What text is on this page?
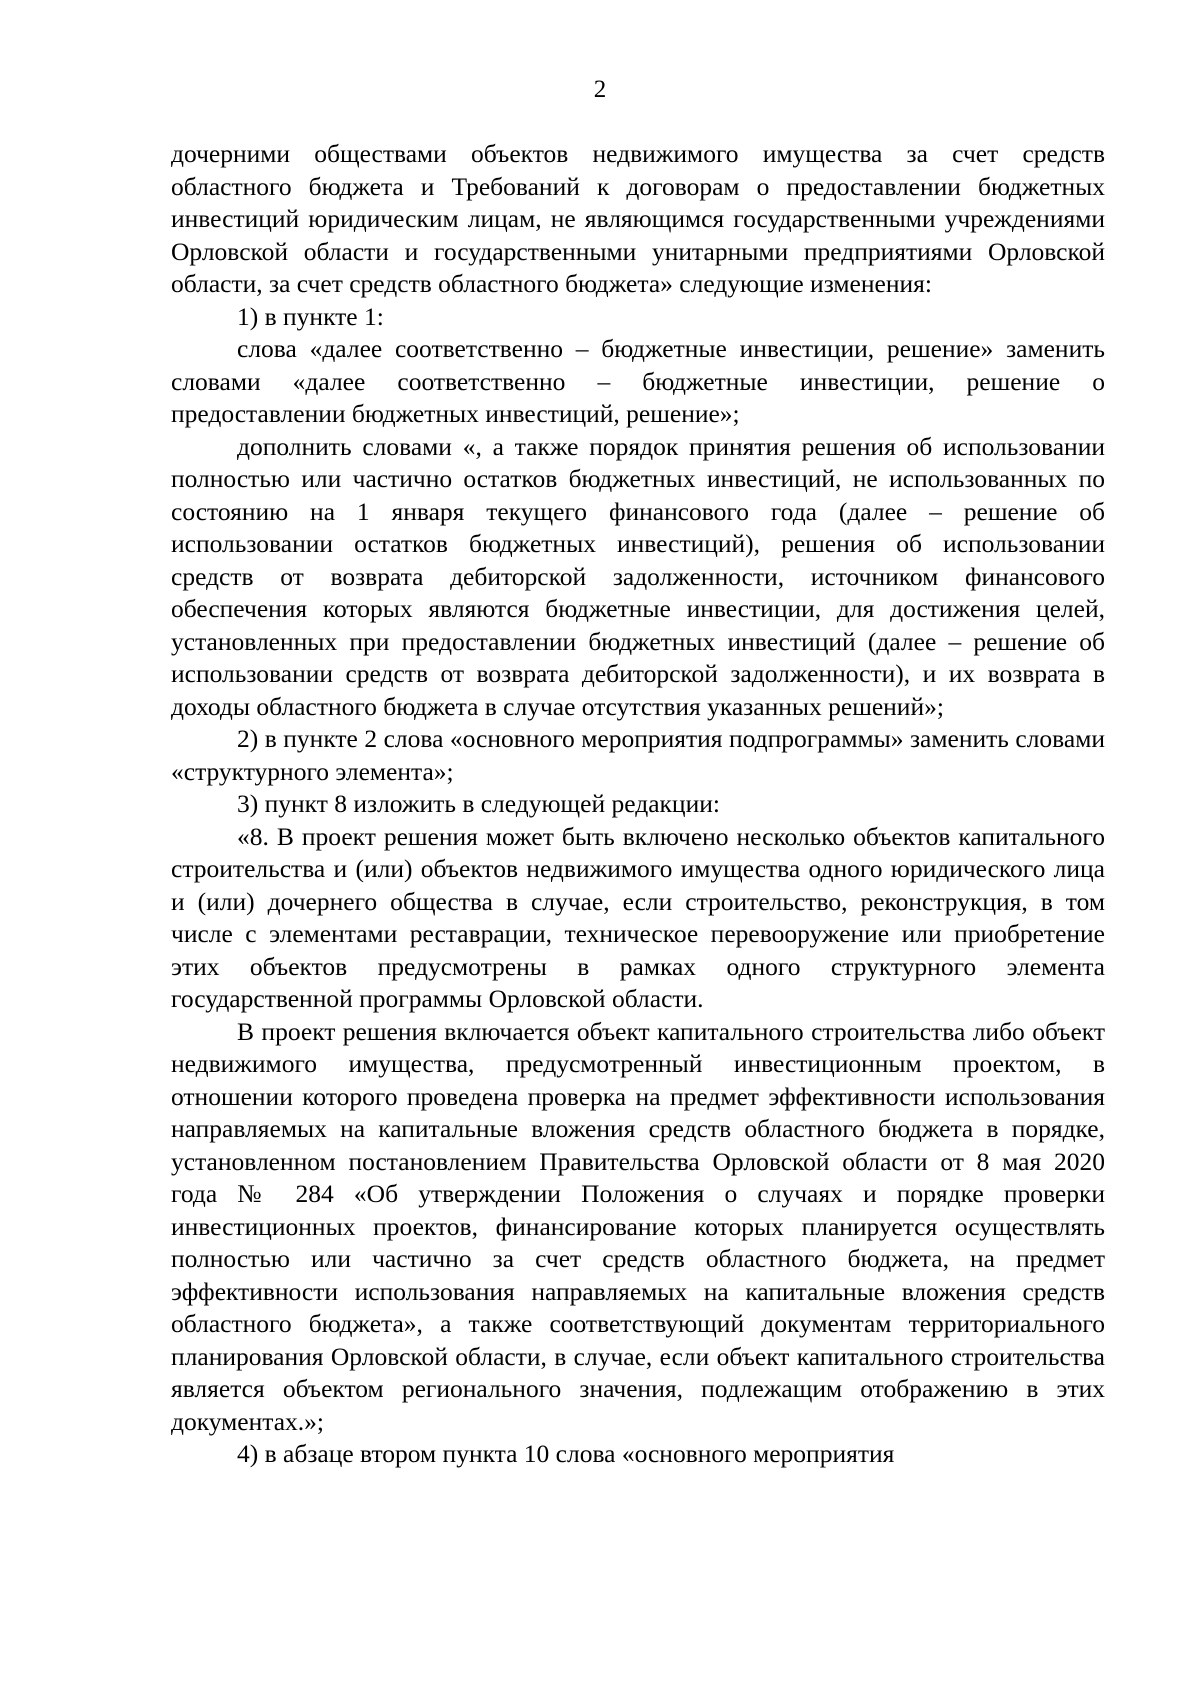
2

дочерними обществами объектов недвижимого имущества за счет средств областного бюджета и Требований к договорам о предоставлении бюджетных инвестиций юридическим лицам, не являющимся государственными учреждениями Орловской области и государственными унитарными предприятиями Орловской области, за счет средств областного бюджета» следующие изменения:

1) в пункте 1:

слова «далее соответственно – бюджетные инвестиции, решение» заменить словами «далее соответственно – бюджетные инвестиции, решение о предоставлении бюджетных инвестиций, решение»;

дополнить словами «, а также порядок принятия решения об использовании полностью или частично остатков бюджетных инвестиций, не использованных по состоянию на 1 января текущего финансового года (далее – решение об использовании остатков бюджетных инвестиций), решения об использовании средств от возврата дебиторской задолженности, источником финансового обеспечения которых являются бюджетные инвестиции, для достижения целей, установленных при предоставлении бюджетных инвестиций (далее – решение об использовании средств от возврата дебиторской задолженности), и их возврата в доходы областного бюджета в случае отсутствия указанных решений»;

2) в пункте 2 слова «основного мероприятия подпрограммы» заменить словами «структурного элемента»;

3) пункт 8 изложить в следующей редакции:

«8. В проект решения может быть включено несколько объектов капитального строительства и (или) объектов недвижимого имущества одного юридического лица и (или) дочернего общества в случае, если строительство, реконструкция, в том числе с элементами реставрации, техническое перевооружение или приобретение этих объектов предусмотрены в рамках одного структурного элемента государственной программы Орловской области.

В проект решения включается объект капитального строительства либо объект недвижимого имущества, предусмотренный инвестиционным проектом, в отношении которого проведена проверка на предмет эффективности использования направляемых на капитальные вложения средств областного бюджета в порядке, установленном постановлением Правительства Орловской области от 8 мая 2020 года № 284 «Об утверждении Положения о случаях и порядке проверки инвестиционных проектов, финансирование которых планируется осуществлять полностью или частично за счет средств областного бюджета, на предмет эффективности использования направляемых на капитальные вложения средств областного бюджета», а также соответствующий документам территориального планирования Орловской области, в случае, если объект капитального строительства является объектом регионального значения, подлежащим отображению в этих документах.»;

4) в абзаце втором пункта 10 слова «основного мероприятия
